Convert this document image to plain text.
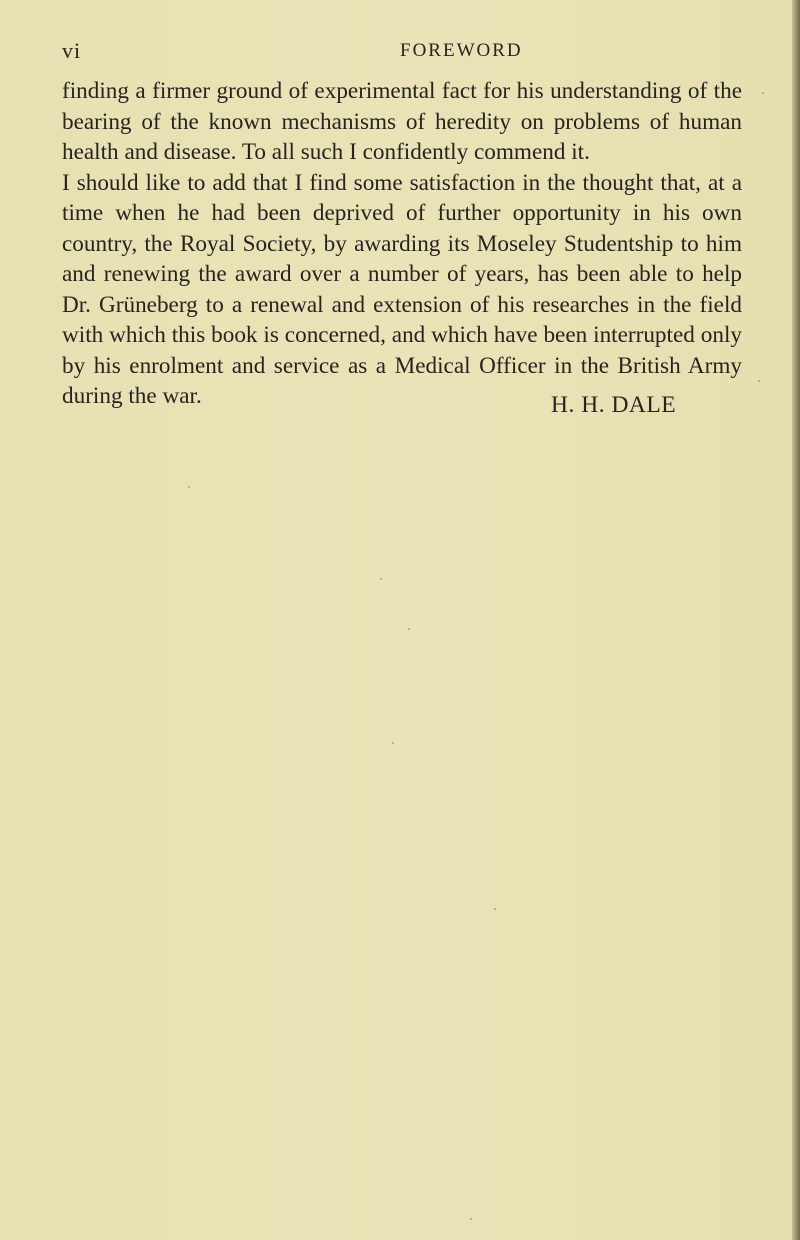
vi	FOREWORD

finding a firmer ground of experimental fact for his understanding of the bearing of the known mechanisms of heredity on problems of human health and disease. To all such I confidently commend it.

I should like to add that I find some satisfaction in the thought that, at a time when he had been deprived of further opportunity in his own country, the Royal Society, by awarding its Moseley Studentship to him and renewing the award over a number of years, has been able to help Dr. Grüneberg to a renewal and extension of his researches in the field with which this book is concerned, and which have been interrupted only by his enrolment and service as a Medical Officer in the British Army during the war.	H. H. DALE
